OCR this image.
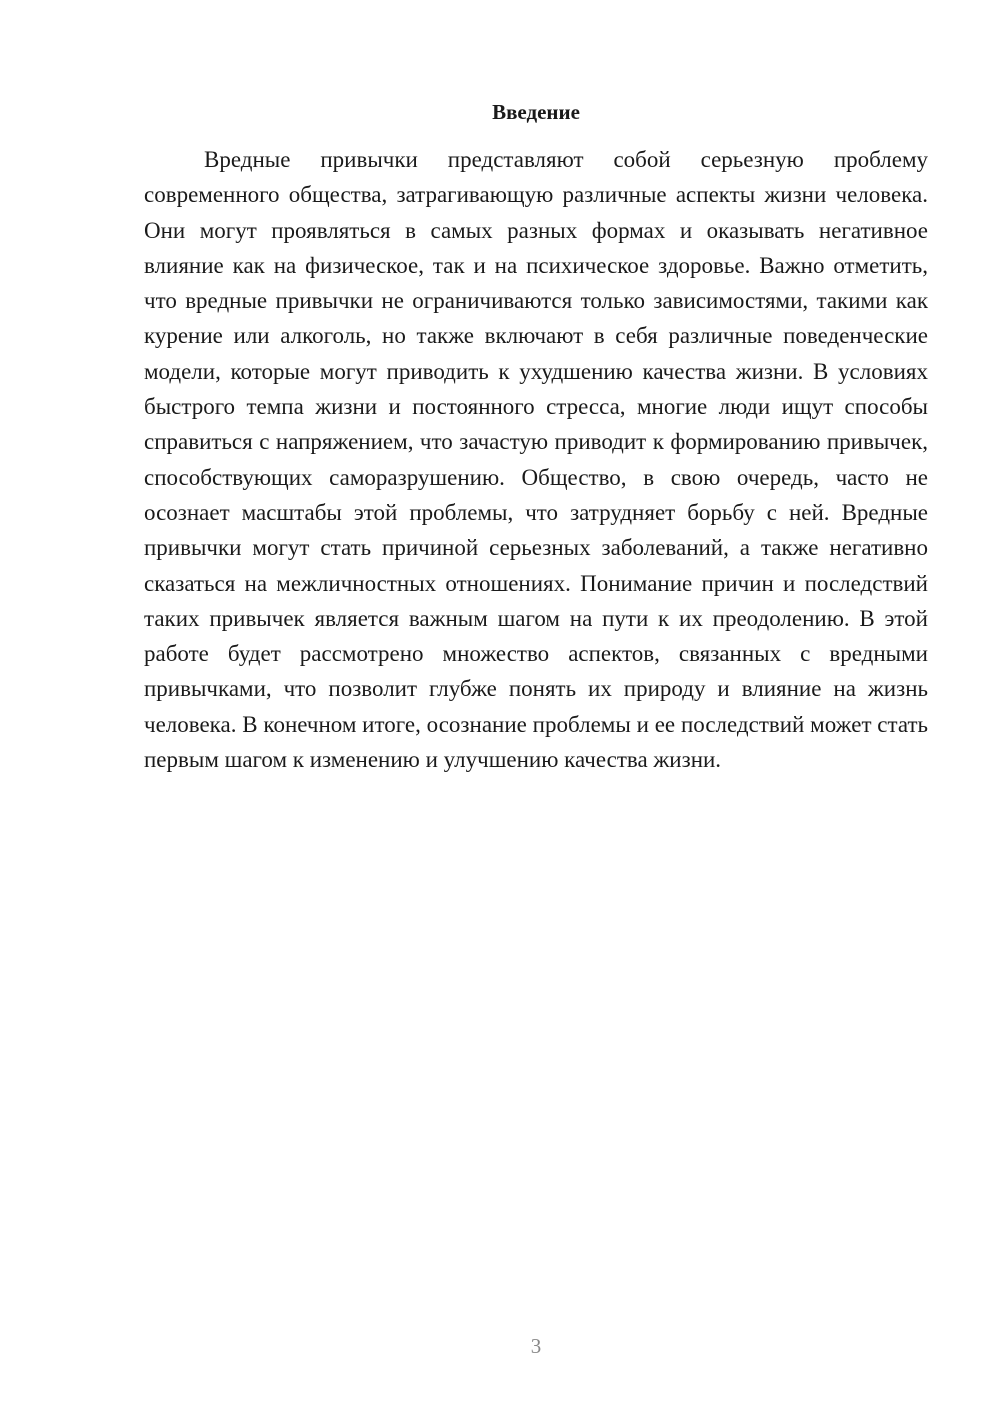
Введение

Вредные привычки представляют собой серьезную проблему современного общества, затрагивающую различные аспекты жизни человека. Они могут проявляться в самых разных формах и оказывать негативное влияние как на физическое, так и на психическое здоровье. Важно отметить, что вредные привычки не ограничиваются только зависимостями, такими как курение или алкоголь, но также включают в себя различные поведенческие модели, которые могут приводить к ухудшению качества жизни. В условиях быстрого темпа жизни и постоянного стресса, многие люди ищут способы справиться с напряжением, что зачастую приводит к формированию привычек, способствующих саморазрушению. Общество, в свою очередь, часто не осознает масштабы этой проблемы, что затрудняет борьбу с ней. Вредные привычки могут стать причиной серьезных заболеваний, а также негативно сказаться на межличностных отношениях. Понимание причин и последствий таких привычек является важным шагом на пути к их преодолению. В этой работе будет рассмотрено множество аспектов, связанных с вредными привычками, что позволит глубже понять их природу и влияние на жизнь человека. В конечном итоге, осознание проблемы и ее последствий может стать первым шагом к изменению и улучшению качества жизни.

3
